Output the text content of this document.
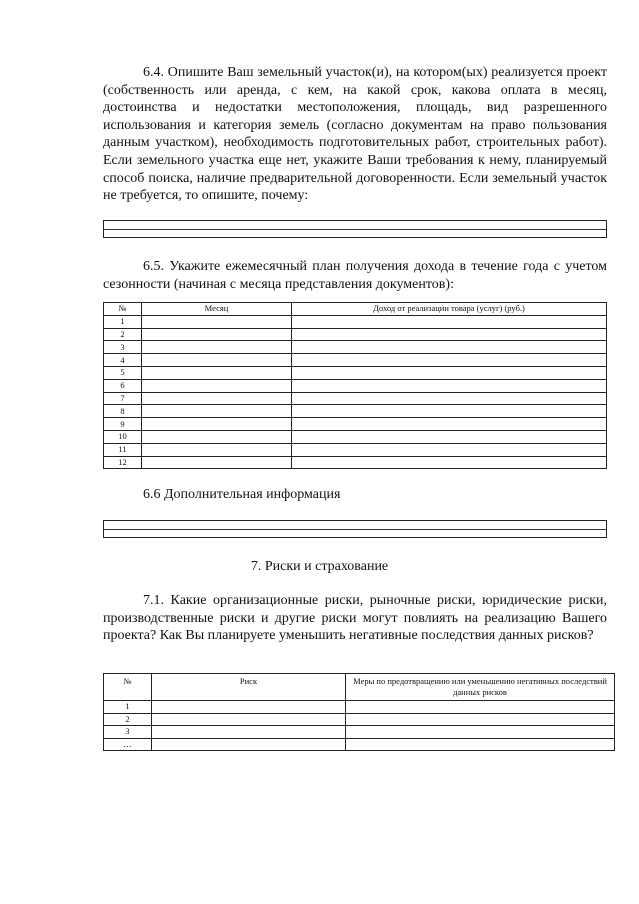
6.4. Опишите Ваш земельный участок(и), на котором(ых) реализуется проект (собственность или аренда, с кем, на какой срок, какова оплата в месяц, достоинства и недостатки местоположения, площадь, вид разрешенного использования и категория земель (согласно документам на право пользования данным участком), необходимость подготовительных работ, строительных работ). Если земельного участка еще нет, укажите Ваши требования к нему, планируемый способ поиска, наличие предварительной договоренности. Если земельный участок не требуется, то опишите, почему:
6.5. Укажите ежемесячный план получения дохода в течение года с учетом сезонности (начиная с месяца представления документов):
№	Месяц	Доход от реализации товара (услуг) (руб.)
1		
2		
3		
4		
5		
6		
7		
8		
9		
10		
11		
12		
6.6 Дополнительная информация
7. Риски и страхование
7.1. Какие организационные риски, рыночные риски, юридические риски, производственные риски и другие риски могут повлиять на реализацию Вашего проекта? Как Вы планируете уменьшить негативные последствия данных рисков?
№	Риск	Меры по предотвращению или уменьшению негативных последствий данных рисков
1		
2		
3		
…		
